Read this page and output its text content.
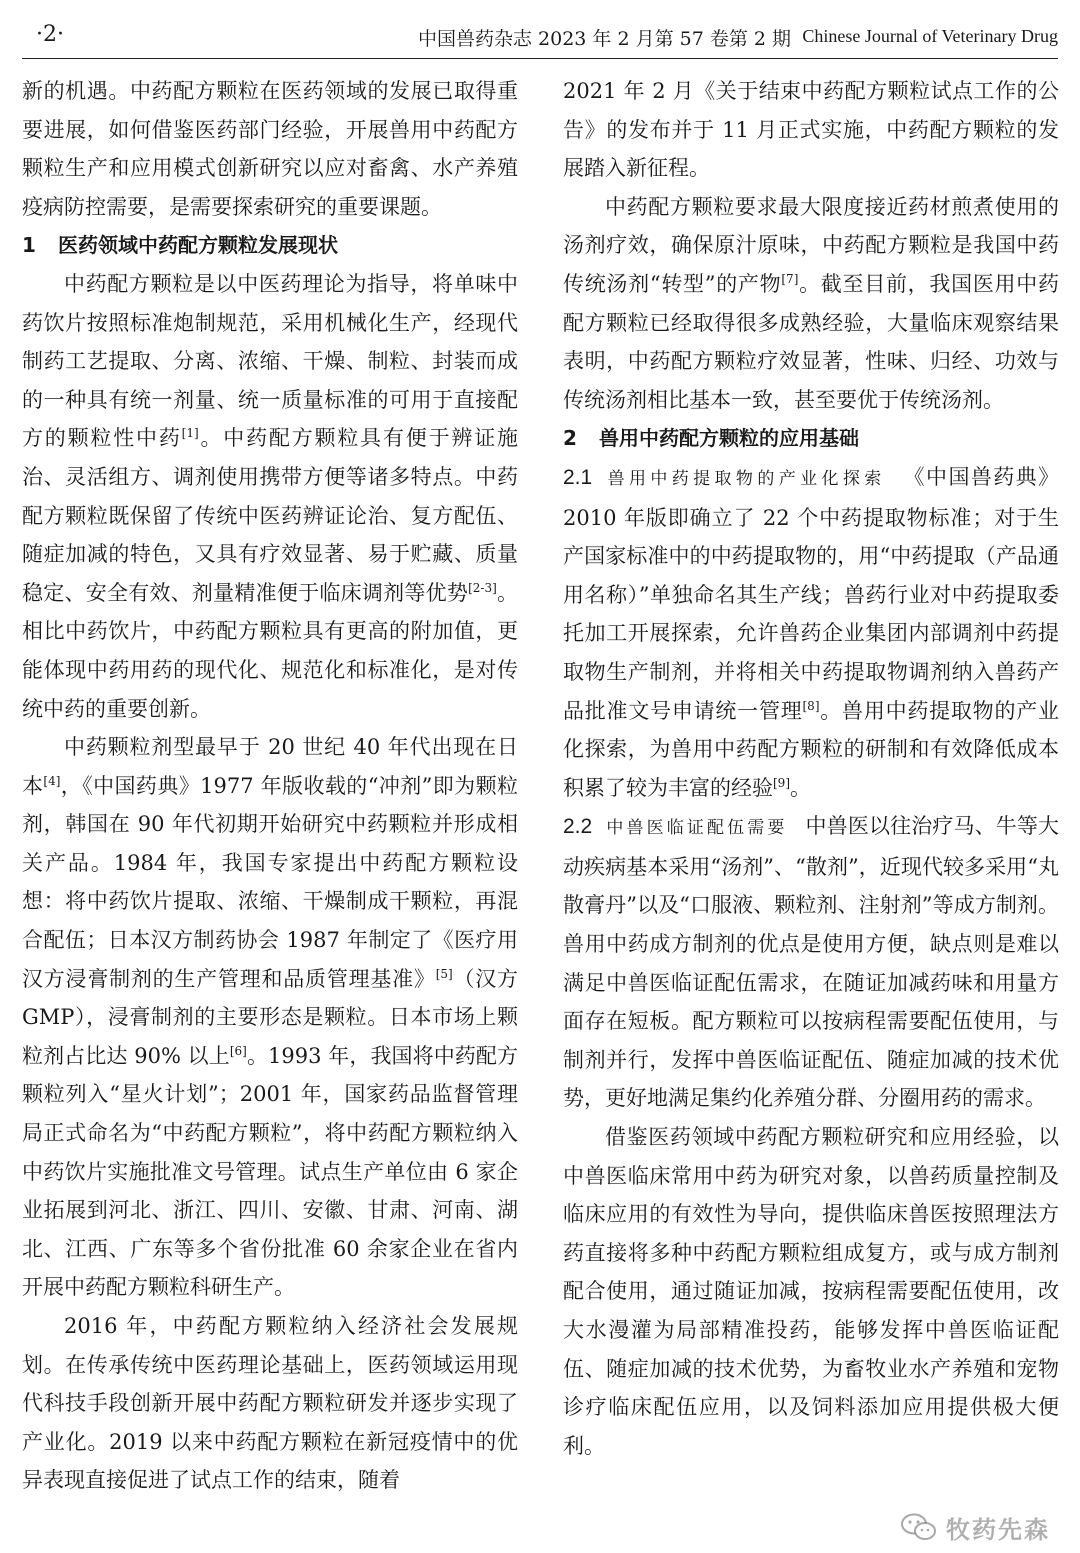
·2·	中国兽药杂志 2023 年 2 月第 57 卷第 2 期 Chinese Journal of Veterinary Drug

新的机遇。中药配方颗粒在医药领域的发展已取得重要进展，如何借鉴医药部门经验，开展兽用中药配方颗粒生产和应用模式创新研究以应对畜禽、水产养殖疫病防控需要，是需要探索研究的重要课题。

1 医药领域中药配方颗粒发展现状

中药配方颗粒是以中医药理论为指导，将单味中药饮片按照标准炮制规范，采用机械化生产，经现代制药工艺提取、分离、浓缩、干燥、制粒、封装而成的一种具有统一剂量、统一质量标准的可用于直接配方的颗粒性中药[1]。中药配方颗粒具有便于辨证施治、灵活组方、调剂使用携带方便等诸多特点。中药配方颗粒既保留了传统中医药辨证论治、复方配伍、随症加减的特色，又具有疗效显著、易于贮藏、质量稳定、安全有效、剂量精准便于临床调剂等优势[2-3]。相比中药饮片，中药配方颗粒具有更高的附加值，更能体现中药用药的现代化、规范化和标准化，是对传统中药的重要创新。

中药颗粒剂型最早于 20 世纪 40 年代出现在日本[4]，《中国药典》1977 年版收载的“冲剂”即为颗粒剂，韩国在 90 年代初期开始研究中药颗粒并形成相关产品。1984 年，我国专家提出中药配方颗粒设想：将中药饮片提取、浓缩、干燥制成干颗粒，再混合配伍；日本汉方制药协会 1987 年制定了《医疗用汉方浸膏制剂的生产管理和品质管理基准》[5]（汉方 GMP），浸膏制剂的主要形态是颗粒。日本市场上颗粒剂占比达 90% 以上[6]。1993 年，我国将中药配方颗粒列入“星火计划”；2001 年，国家药品监督管理局正式命名为“中药配方颗粒”，将中药配方颗粒纳入中药饮片实施批准文号管理。试点生产单位由 6 家企业拓展到河北、浙江、四川、安徽、甘肃、河南、湖北、江西、广东等多个省份批准 60 余家企业在省内开展中药配方颗粒科研生产。

2016 年，中药配方颗粒纳入经济社会发展规划。在传承传统中医药理论基础上，医药领域运用现代科技手段创新开展中药配方颗粒研发并逐步实现了产业化。2019 以来中药配方颗粒在新冠疫情中的优异表现直接促进了试点工作的结束，随着

2021 年 2 月《关于结束中药配方颗粒试点工作的公告》的发布并于 11 月正式实施，中药配方颗粒的发展踏入新征程。

中药配方颗粒要求最大限度接近药材煎煮使用的汤剂疗效，确保原汁原味，中药配方颗粒是我国中药传统汤剂“转型”的产物[7]。截至目前，我国医用中药配方颗粒已经取得很多成熟经验，大量临床观察结果表明，中药配方颗粒疗效显著，性味、归经、功效与传统汤剂相比基本一致，甚至要优于传统汤剂。

2 兽用中药配方颗粒的应用基础

2.1 兽用中药提取物的产业化探索 《中国兽药典》2010 年版即确立了 22 个中药提取物标准；对于生产国家标准中的中药提取物的，用“中药提取（产品通用名称）”单独命名其生产线；兽药行业对中药提取委托加工开展探索，允许兽药企业集团内部调剂中药提取物生产制剂，并将相关中药提取物调剂纳入兽药产品批准文号申请统一管理[8]。兽用中药提取物的产业化探索，为兽用中药配方颗粒的研制和有效降低成本积累了较为丰富的经验[9]。

2.2 中兽医临证配伍需要 中兽医以往治疗马、牛等大动疾病基本采用“汤剂”、“散剂”，近现代较多采用“丸散膏丹”以及“口服液、颗粒剂、注射剂”等成方制剂。兽用中药成方制剂的优点是使用方便，缺点则是难以满足中兽医临证配伍需求，在随证加减药味和用量方面存在短板。配方颗粒可以按病程需要配伍使用，与制剂并行，发挥中兽医临证配伍、随症加减的技术优势，更好地满足集约化养殖分群、分圈用药的需求。

借鉴医药领域中药配方颗粒研究和应用经验，以中兽医临床常用中药为研究对象，以兽药质量控制及临床应用的有效性为导向，提供临床兽医按照理法方药直接将多种中药配方颗粒组成复方，或与成方制剂配合使用，通过随证加减，按病程需要配伍使用，改大水漫灌为局部精准投药，能够发挥中兽医临证配伍、随症加减的技术优势，为畜牧业水产养殖和宠物诊疗临床配伍应用，以及饲料添加应用提供极大便利。

牧药先森
